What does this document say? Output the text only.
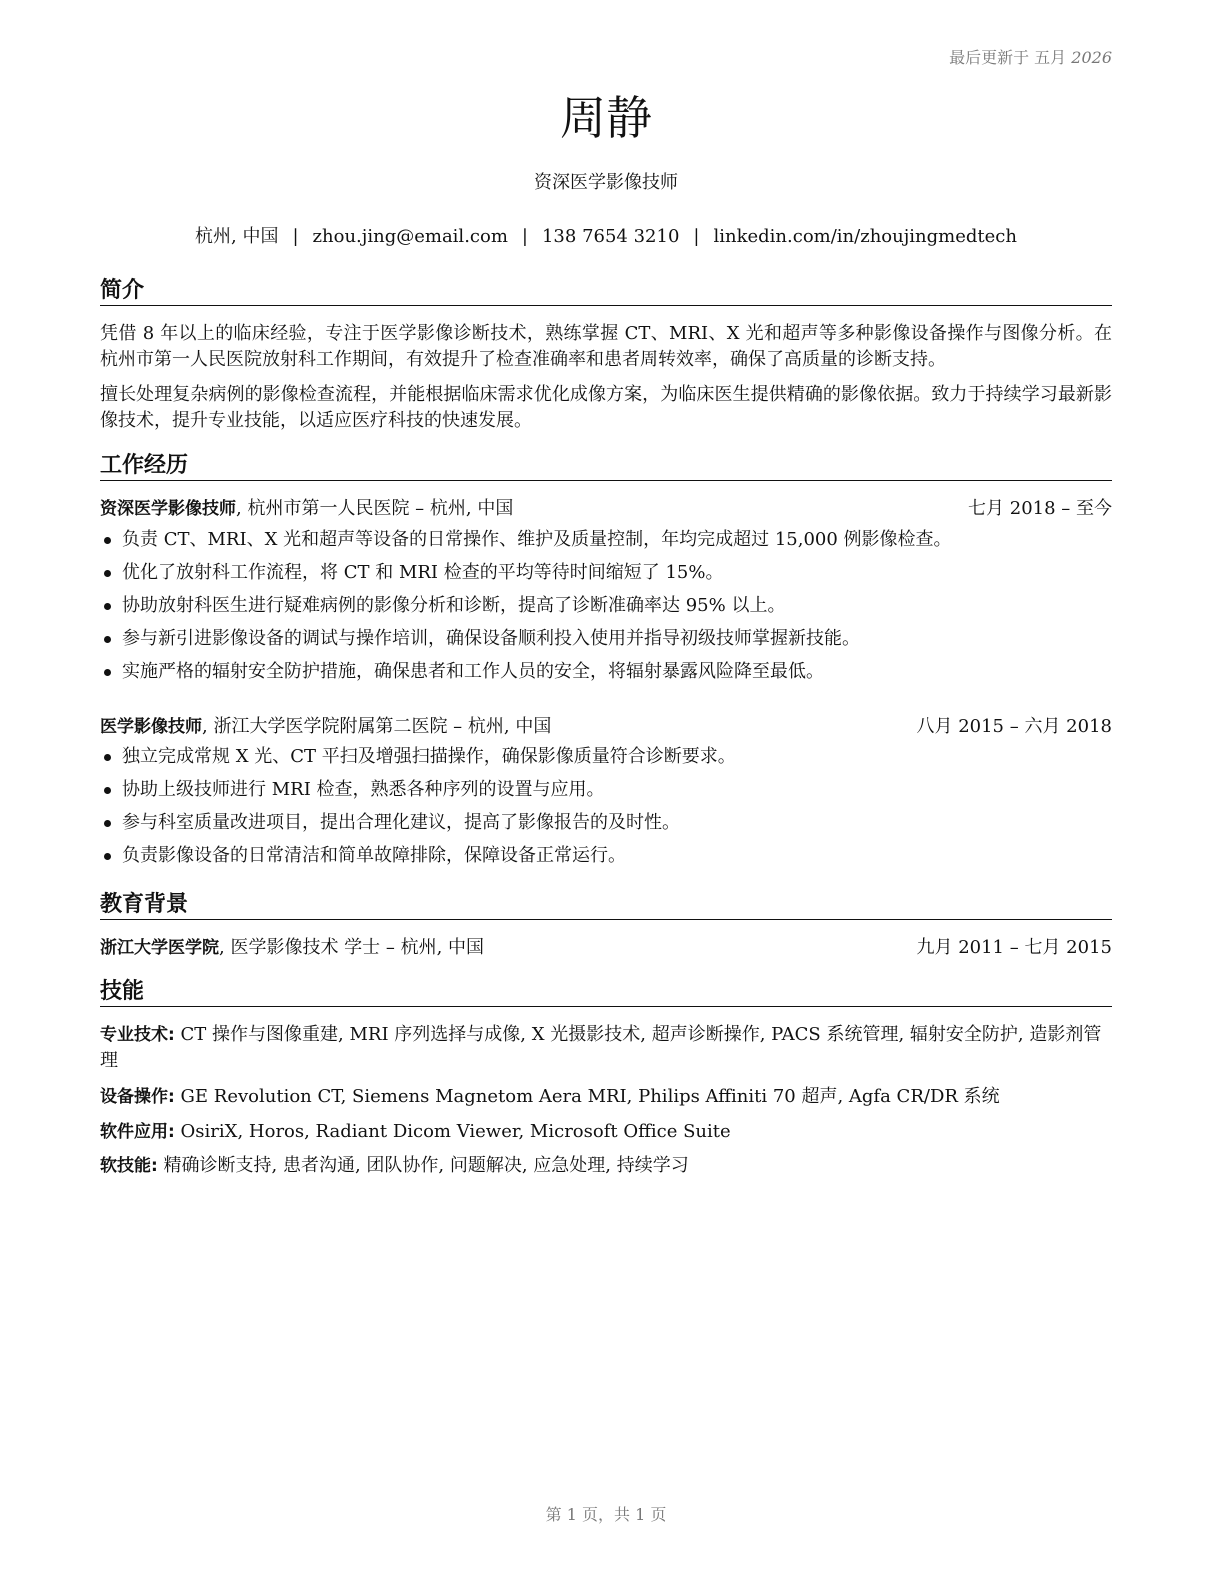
最后更新于 五月 2026
周静
资深医学影像技师
杭州, 中国 | zhou.jing@email.com | 138 7654 3210 | linkedin.com/in/zhoujingmedtech
简介

凭借 8 年以上的临床经验，专注于医学影像诊断技术，熟练掌握 CT、MRI、X 光和超声等多种影像设备操作与图像分析。在杭州市第一人民医院放射科工作期间，有效提升了检查准确率和患者周转效率，确保了高质量的诊断支持。

擅长处理复杂病例的影像检查流程，并能根据临床需求优化成像方案，为临床医生提供精确的影像依据。致力于持续学习最新影像技术，提升专业技能，以适应医疗科技的快速发展。

工作经历
资深医学影像技师, 杭州市第一人民医院 – 杭州, 中国	七月 2018 – 至今
负责 CT、MRI、X 光和超声等设备的日常操作、维护及质量控制，年均完成超过 15,000 例影像检查。
优化了放射科工作流程，将 CT 和 MRI 检查的平均等待时间缩短了 15%。
协助放射科医生进行疑难病例的影像分析和诊断，提高了诊断准确率达 95% 以上。
参与新引进影像设备的调试与操作培训，确保设备顺利投入使用并指导初级技师掌握新技能。
实施严格的辐射安全防护措施，确保患者和工作人员的安全，将辐射暴露风险降至最低。
医学影像技师, 浙江大学医学院附属第二医院 – 杭州, 中国	八月 2015 – 六月 2018
独立完成常规 X 光、CT 平扫及增强扫描操作，确保影像质量符合诊断要求。
协助上级技师进行 MRI 检查，熟悉各种序列的设置与应用。
参与科室质量改进项目，提出合理化建议，提高了影像报告的及时性。
负责影像设备的日常清洁和简单故障排除，保障设备正常运行。
教育背景
浙江大学医学院, 医学影像技术 学士 – 杭州, 中国	九月 2011 – 七月 2015
技能

专业技术: CT 操作与图像重建, MRI 序列选择与成像, X 光摄影技术, 超声诊断操作, PACS 系统管理, 辐射安全防护, 造影剂管理

设备操作: GE Revolution CT, Siemens Magnetom Aera MRI, Philips Affiniti 70 超声, Agfa CR/DR 系统

软件应用: OsiriX, Horos, Radiant Dicom Viewer, Microsoft Office Suite

软技能: 精确诊断支持, 患者沟通, 团队协作, 问题解决, 应急处理, 持续学习

第 1 页，共 1 页
